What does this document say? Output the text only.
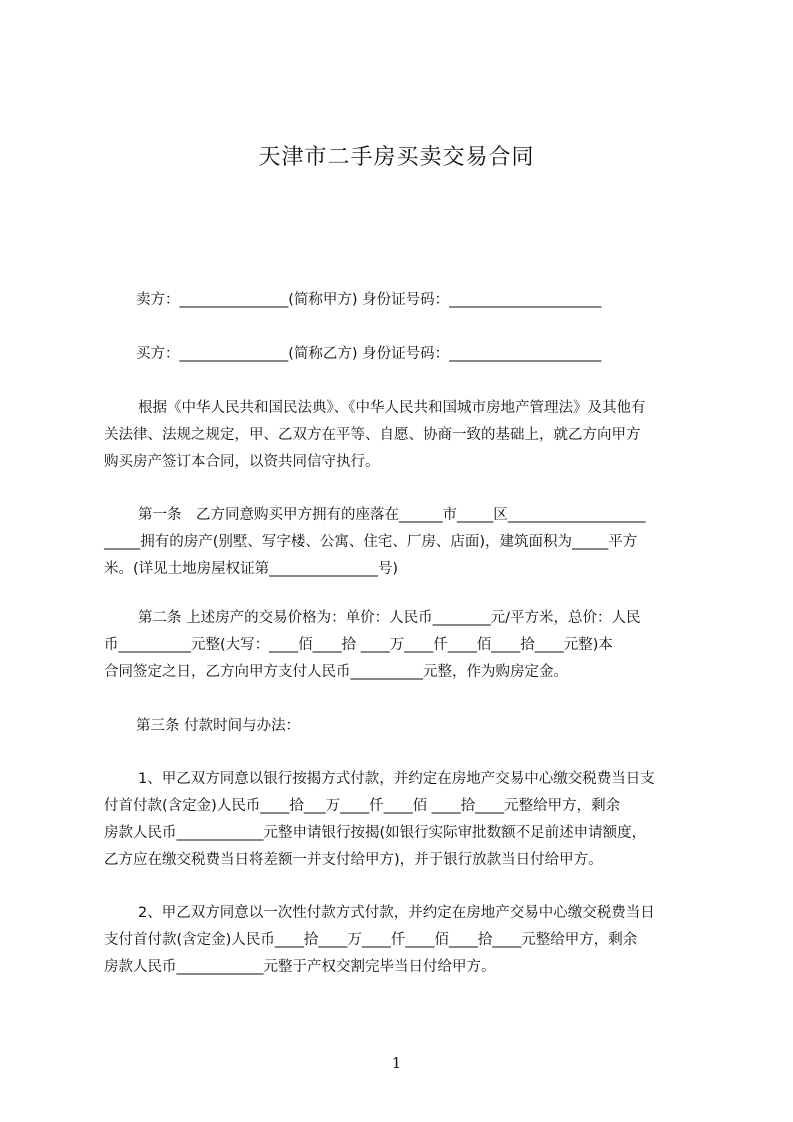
天津市二手房买卖交易合同
卖方：_______________(简称甲方) 身份证号码：_____________________
买方：_______________(简称乙方) 身份证号码：_____________________
根据《中华人民共和国民法典》、《中华人民共和国城市房地产管理法》及其他有
关法律、法规之规定，甲、乙双方在平等、自愿、协商一致的基础上，就乙方向甲方
购买房产签订本合同，以资共同信守执行。
第一条　乙方同意购买甲方拥有的座落在______市_____区___________________
_____拥有的房产(别墅、写字楼、公寓、住宅、厂房、店面)，建筑面积为_____平方
米。(详见土地房屋权证第_______________号)
第二条 上述房产的交易价格为：单价：人民币________元/平方米，总价：人民
币__________元整(大写：____佰____拾 ____万____仟____佰____拾____元整)本
合同签定之日，乙方向甲方支付人民币__________元整，作为购房定金。
第三条 付款时间与办法：
1、甲乙双方同意以银行按揭方式付款，并约定在房地产交易中心缴交税费当日支
付首付款(含定金)人民币____拾___万____仟____佰 ____拾____元整给甲方，剩余
房款人民币____________元整申请银行按揭(如银行实际审批数额不足前述申请额度，
乙方应在缴交税费当日将差额一并支付给甲方)，并于银行放款当日付给甲方。
2、甲乙双方同意以一次性付款方式付款，并约定在房地产交易中心缴交税费当日
支付首付款(含定金)人民币____拾____万____仟____佰____拾____元整给甲方，剩余
房款人民币____________元整于产权交割完毕当日付给甲方。
1
